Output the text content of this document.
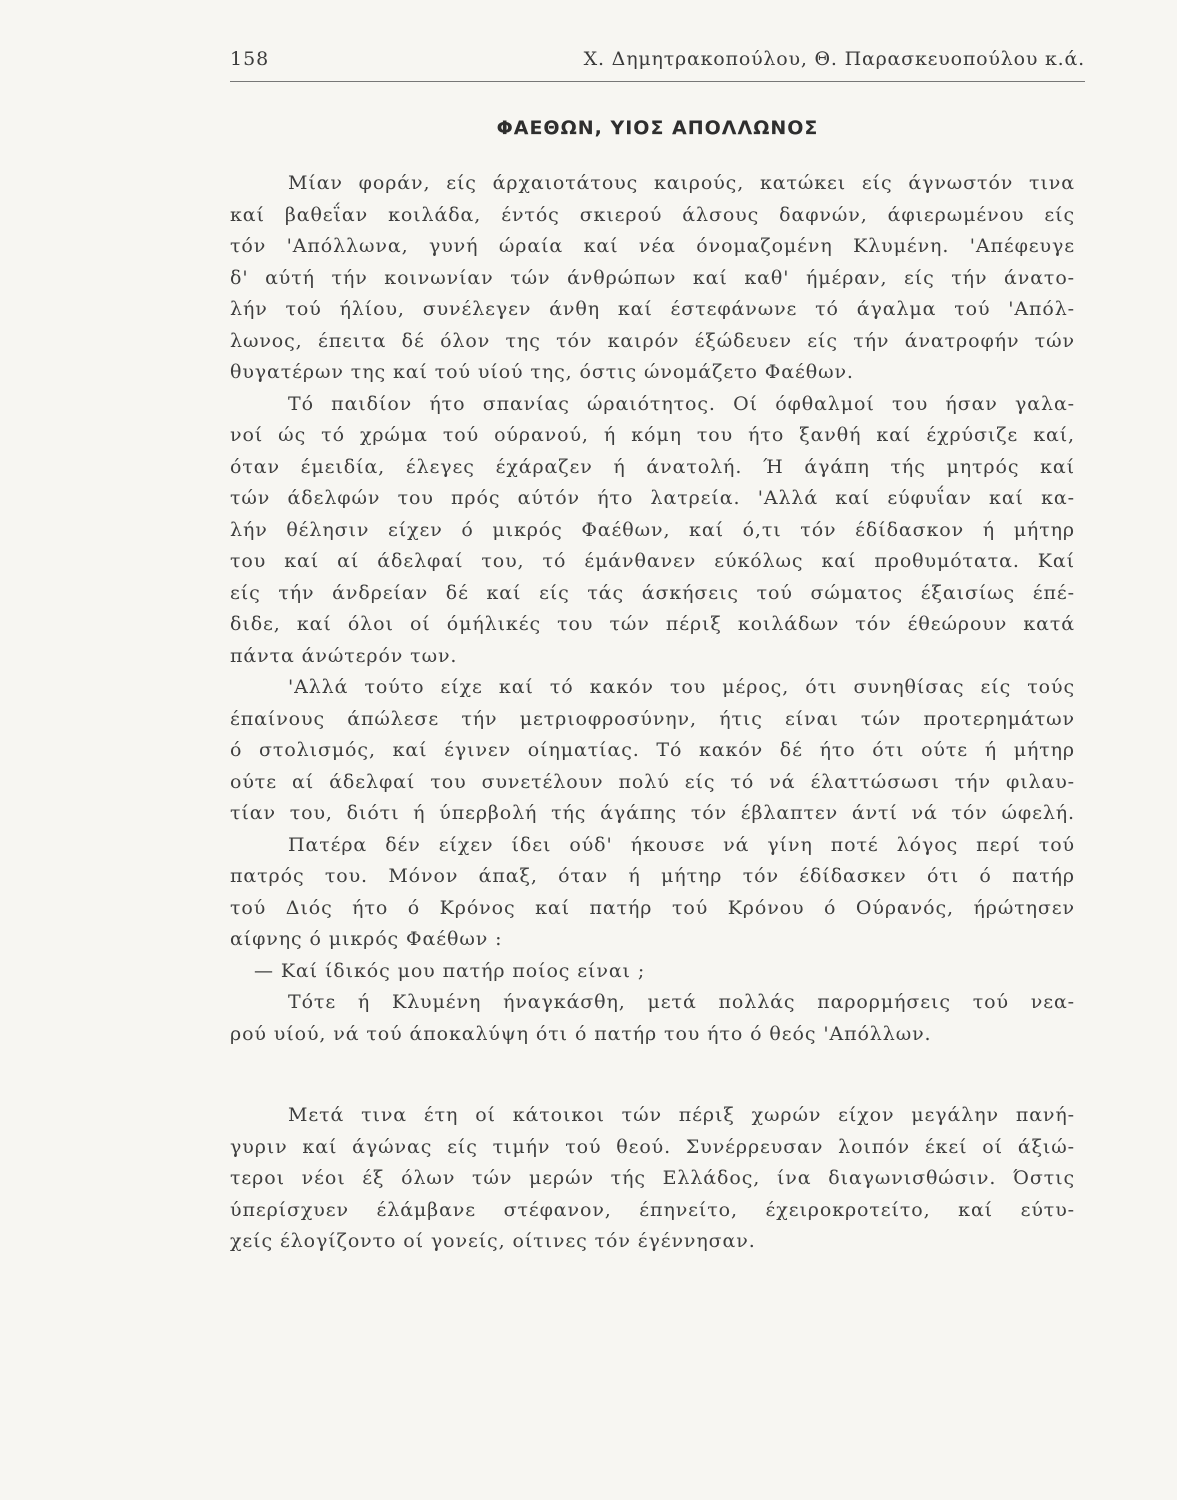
158	Χ. Δημητρακοπούλου, Θ. Παρασκευοπούλου κ.ά.
ΦΑΕΘΩΝ, ΥΙΟΣ ΑΠΟΛΛΩΝΟΣ
Μίαν φοράν, είς άρχαιοτάτους καιρούς, κατώκει είς άγνωστόν τινα
καί βαθεΐαν κοιλάδα, έντός σκιερού άλσους δαφνών, άφιερωμένου είς
τόν 'Απόλλωνα, γυνή ώραία καί νέα όνομαζομένη Κλυμένη. 'Απέφευγε
δ' αύτή τήν κοινωνίαν τών άνθρώπων καί καθ' ήμέραν, είς τήν άνατο-
λήν τού ήλίου, συνέλεγεν άνθη καί έστεφάνωνε τό άγαλμα τού 'Απόλ-
λωνος, έπειτα δέ όλον της τόν καιρόν έξώδευεν είς τήν άνατροφήν τών
θυγατέρων της καί τού υίού της, όστις ώνομάζετο Φαέθων.
Τό παιδίον ήτο σπανίας ώραιότητος. Οί όφθαλμοί του ήσαν γαλα-
νοί ώς τό χρώμα τού ούρανού, ή κόμη του ήτο ξανθή καί έχρύσιζε καί,
όταν έμειδία, έλεγες έχάραζεν ή άνατολή. Ή άγάπη τής μητρός καί
τών άδελφών του πρός αύτόν ήτο λατρεία. 'Αλλά καί εύφυΐαν καί κα-
λήν θέλησιν είχεν ό μικρός Φαέθων, καί ό,τι τόν έδίδασκον ή μήτηρ
του καί αί άδελφαί του, τό έμάνθανεν εύκόλως καί προθυμότατα. Καί
είς τήν άνδρείαν δέ καί είς τάς άσκήσεις τού σώματος έξαισίως έπέ-
διδε, καί όλοι οί όμήλικές του τών πέριξ κοιλάδων τόν έθεώρουν κατά
πάντα άνώτερόν των.
'Αλλά τούτο είχε καί τό κακόν του μέρος, ότι συνηθίσας είς τούς
έπαίνους άπώλεσε τήν μετριοφροσύνην, ήτις είναι τών προτερημάτων
ό στολισμός, καί έγινεν οίηματίας. Τό κακόν δέ ήτο ότι ούτε ή μήτηρ
ούτε αί άδελφαί του συνετέλουν πολύ είς τό νά έλαττώσωσι τήν φιλαυ-
τίαν του, διότι ή ύπερβολή τής άγάπης τόν έβλαπτεν άντί νά τόν ώφελή.
Πατέρα δέν είχεν ίδει ούδ' ήκουσε νά γίνη ποτέ λόγος περί τού
πατρός του. Μόνον άπαξ, όταν ή μήτηρ τόν έδίδασκεν ότι ό πατήρ
τού Διός ήτο ό Κρόνος καί πατήρ τού Κρόνου ό Ούρανός, ήρώτησεν
αίφνης ό μικρός Φαέθων :
— Καί ίδικός μου πατήρ ποίος είναι ;
Τότε ή Κλυμένη ήναγκάσθη, μετά πολλάς παρορμήσεις τού νεα-
ρού υίού, νά τού άποκαλύψη ότι ό πατήρ του ήτο ό θεός 'Απόλλων.
Μετά τινα έτη οί κάτοικοι τών πέριξ χωρών είχον μεγάλην πανή-
γυριν καί άγώνας είς τιμήν τού θεού. Συνέρρευσαν λοιπόν έκεί οί άξιώ-
τεροι νέοι έξ όλων τών μερών τής Ελλάδος, ίνα διαγωνισθώσιν. Όστις
ύπερίσχυεν έλάμβανε στέφανον, έπηνείτο, έχειροκροτείτο, καί εύτυ-
χείς έλογίζοντο οί γονείς, οίτινες τόν έγέννησαν.
